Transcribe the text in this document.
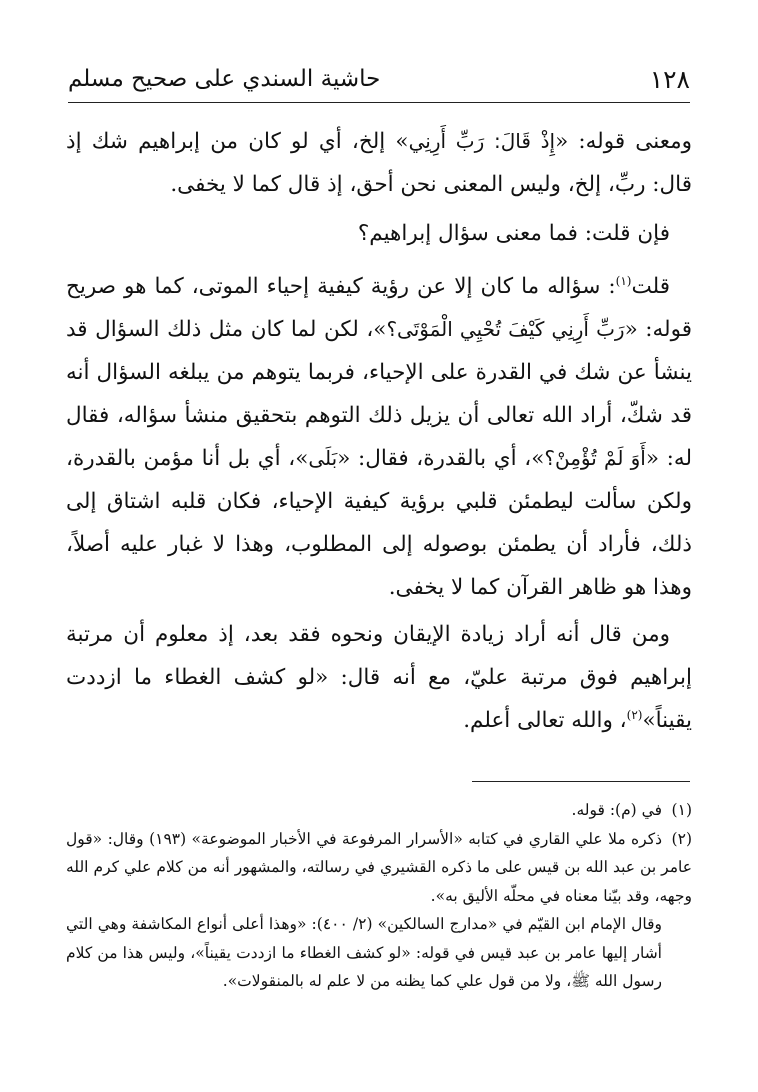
١٢٨
حاشية السندي على صحيح مسلم

ومعنى قوله: «إِذْ قَالَ: رَبِّ أَرِنِي» إلخ، أي لو كان من إبراهيم شك إذ قال: ربِّ، إلخ، وليس المعنى نحن أحق، إذ قال كما لا يخفى.

فإن قلت: فما معنى سؤال إبراهيم؟

قلت$^{(١)}$: سؤاله ما كان إلا عن رؤية كيفية إحياء الموتى، كما هو صريح قوله: «رَبِّ أَرِنِي كَيْفَ تُحْيِي الْمَوْتَى؟»، لكن لما كان مثل ذلك السؤال قد ينشأ عن شك في القدرة على الإحياء، فربما يتوهم من يبلغه السؤال أنه قد شكّ، أراد الله تعالى أن يزيل ذلك التوهم بتحقيق منشأ سؤاله، فقال له: «أَوَ لَمْ تُؤْمِنْ؟»، أي بالقدرة، فقال: «بَلَى»، أي بل أنا مؤمن بالقدرة، ولكن سألت ليطمئن قلبي برؤية كيفية الإحياء، فكان قلبه اشتاق إلى ذلك، فأراد أن يطمئن بوصوله إلى المطلوب، وهذا لا غبار عليه أصلاً، وهذا هو ظاهر القرآن كما لا يخفى.

ومن قال أنه أراد زيادة الإيقان ونحوه فقد بعد، إذ معلوم أن مرتبة إبراهيم فوق مرتبة عليّ، مع أنه قال: «لو كشف الغطاء ما ازددت يقيناً»$^{(٢)}$، والله تعالى أعلم.

(١)في (م): قوله.

(٢)ذكره ملا علي القاري في كتابه «الأسرار المرفوعة في الأخبار الموضوعة» (١٩٣) وقال: «قول عامر بن عبد الله بن قيس على ما ذكره القشيري في رسالته، والمشهور أنه من كلام علي كرم الله وجهه، وقد بيّنا معناه في محلّه الأليق به».

وقال الإمام ابن القيّم في «مدارج السالكين» (٢/ ٤٠٠): «وهذا أعلى أنواع المكاشفة وهي التي أشار إليها عامر بن عبد قيس في قوله: «لو كشف الغطاء ما ازددت يقيناً»، وليس هذا من كلام رسول الله ﷺ، ولا من قول علي كما يظنه من لا علم له بالمنقولات».
